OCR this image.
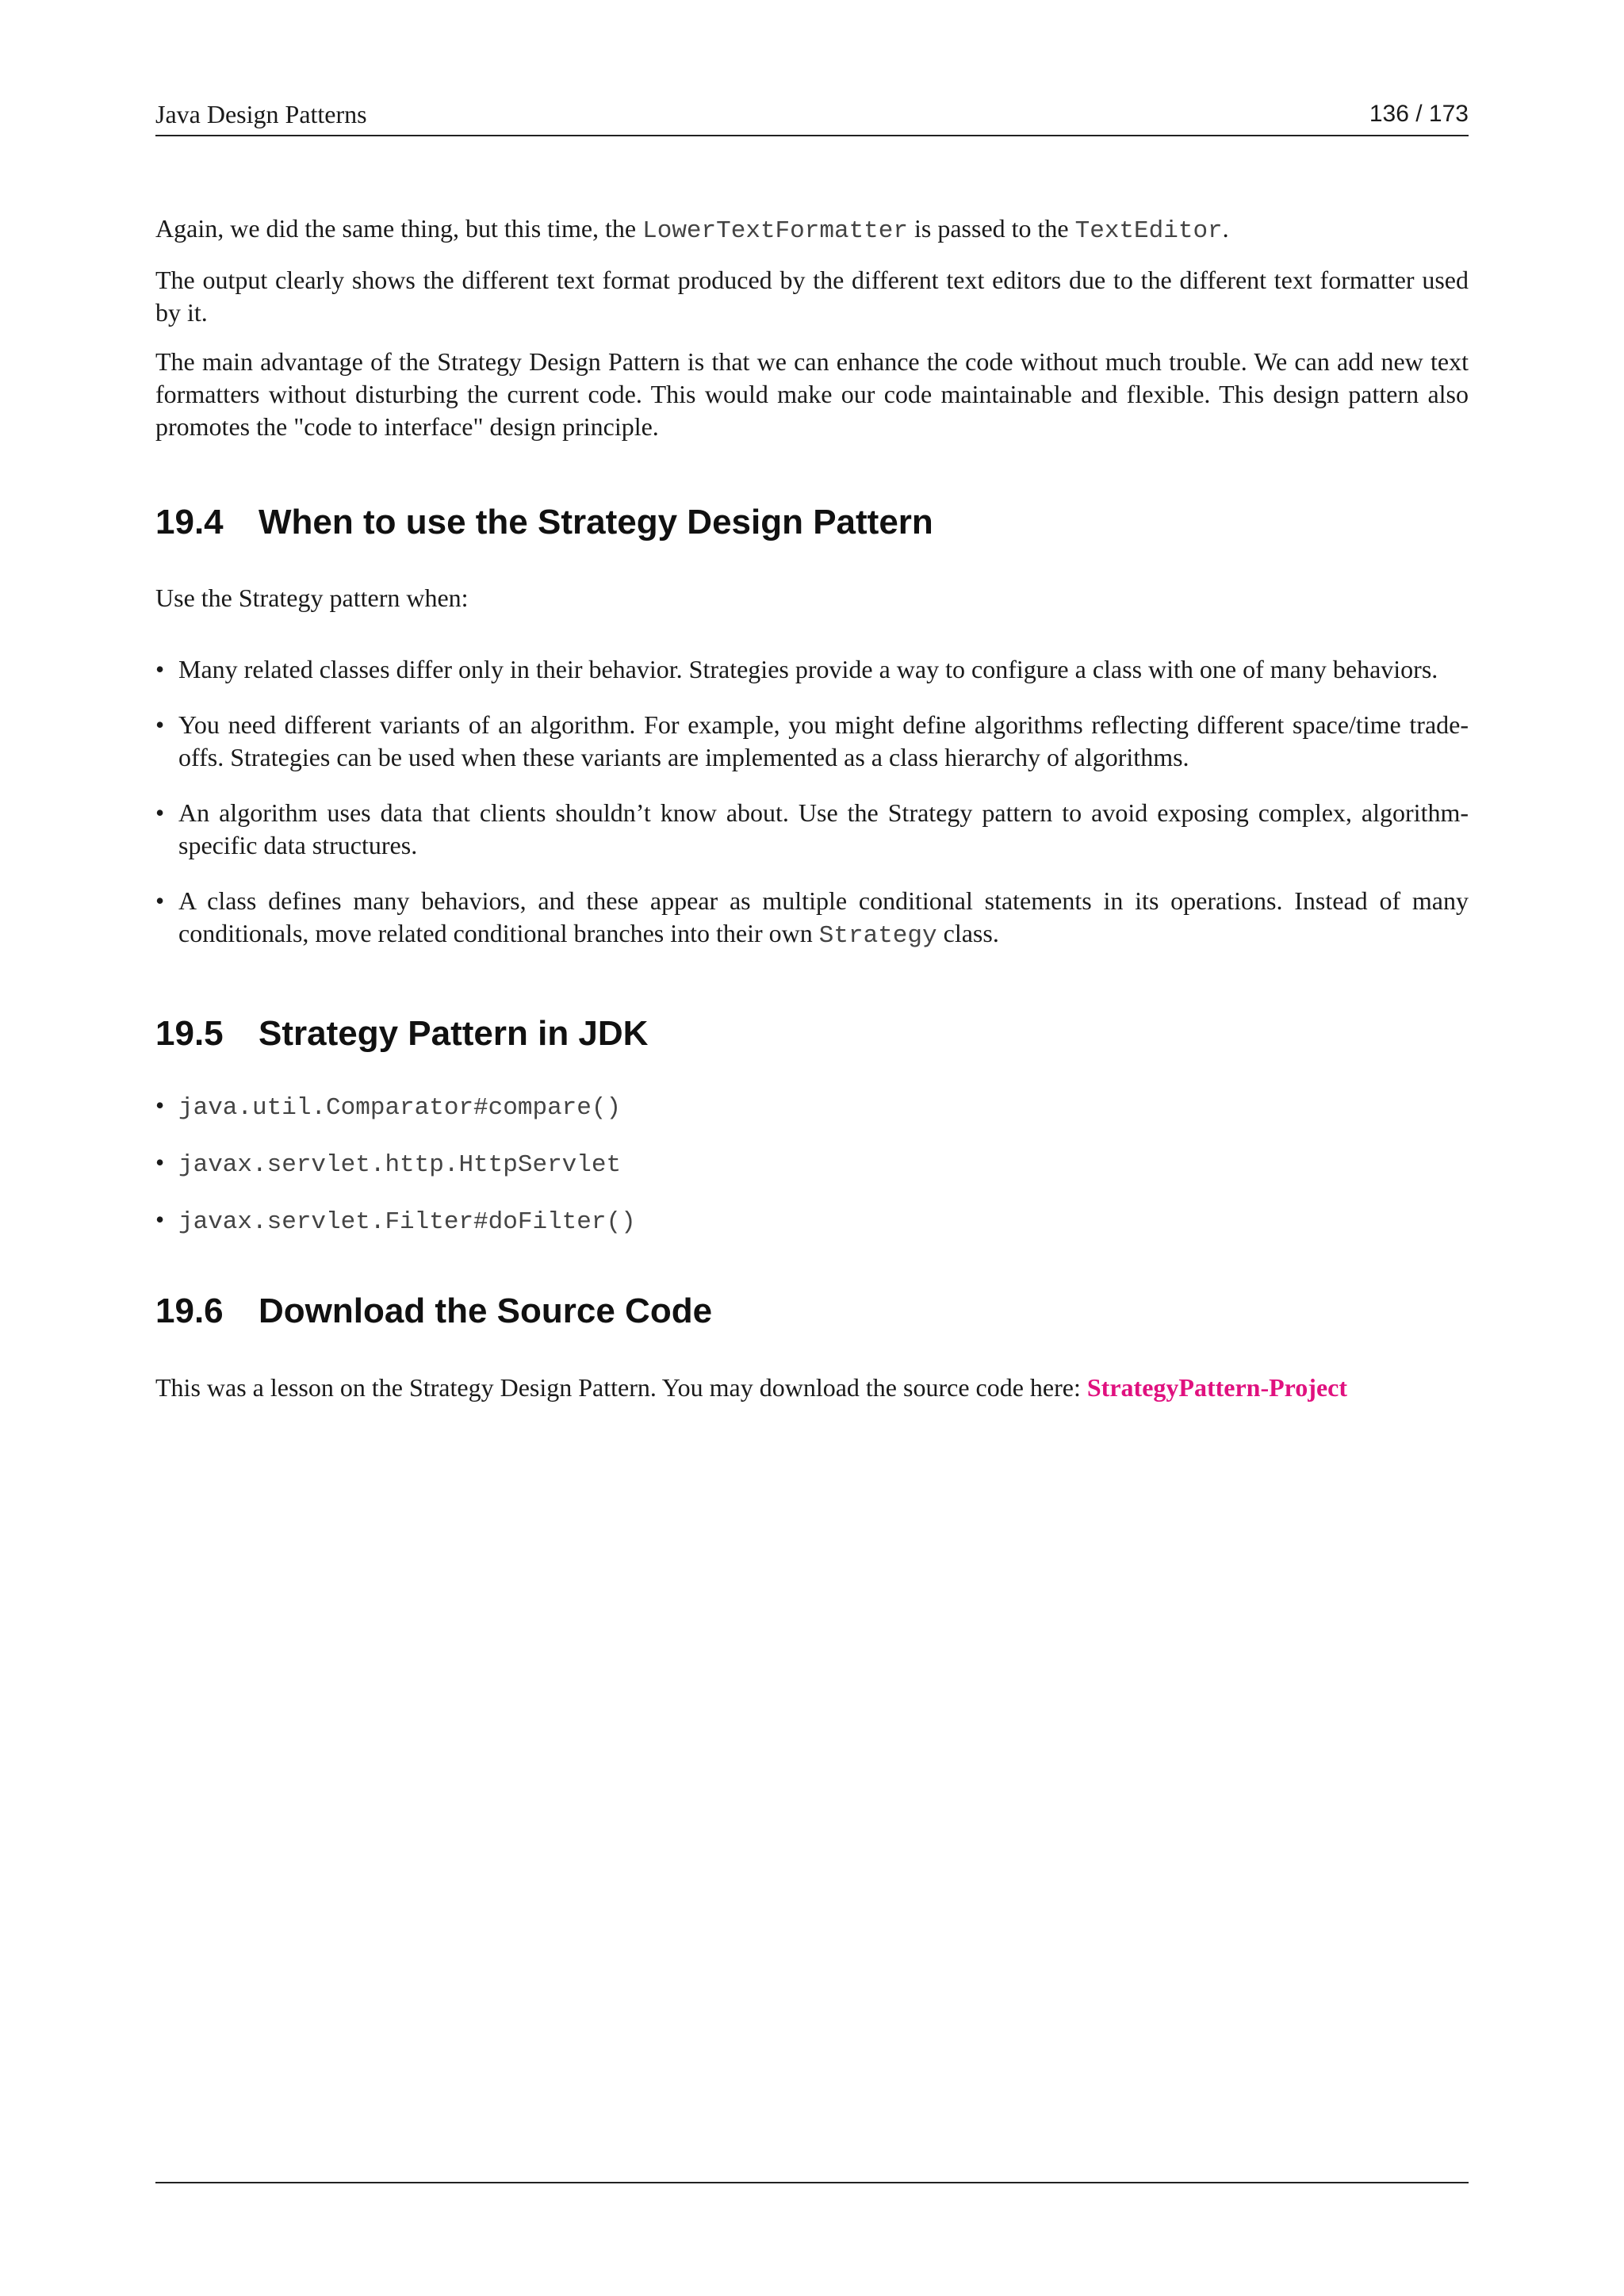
Java Design Patterns	136 / 173

Again, we did the same thing, but this time, the LowerTextFormatter is passed to the TextEditor.

The output clearly shows the different text format produced by the different text editors due to the different text formatter used by it.

The main advantage of the Strategy Design Pattern is that we can enhance the code without much trouble. We can add new text formatters without disturbing the current code. This would make our code maintainable and flexible. This design pattern also promotes the "code to interface" design principle.

19.4 When to use the Strategy Design Pattern

Use the Strategy pattern when:

• Many related classes differ only in their behavior. Strategies provide a way to configure a class with one of many behaviors.
• You need different variants of an algorithm. For example, you might define algorithms reflecting different space/time trade-offs. Strategies can be used when these variants are implemented as a class hierarchy of algorithms.
• An algorithm uses data that clients shouldn’t know about. Use the Strategy pattern to avoid exposing complex, algorithm-specific data structures.
• A class defines many behaviors, and these appear as multiple conditional statements in its operations. Instead of many conditionals, move related conditional branches into their own Strategy class.
19.5 Strategy Pattern in JDK
• java.util.Comparator#compare()
• javax.servlet.http.HttpServlet
• javax.servlet.Filter#doFilter()
19.6 Download the Source Code

This was a lesson on the Strategy Design Pattern. You may download the source code here: StrategyPattern-Project
